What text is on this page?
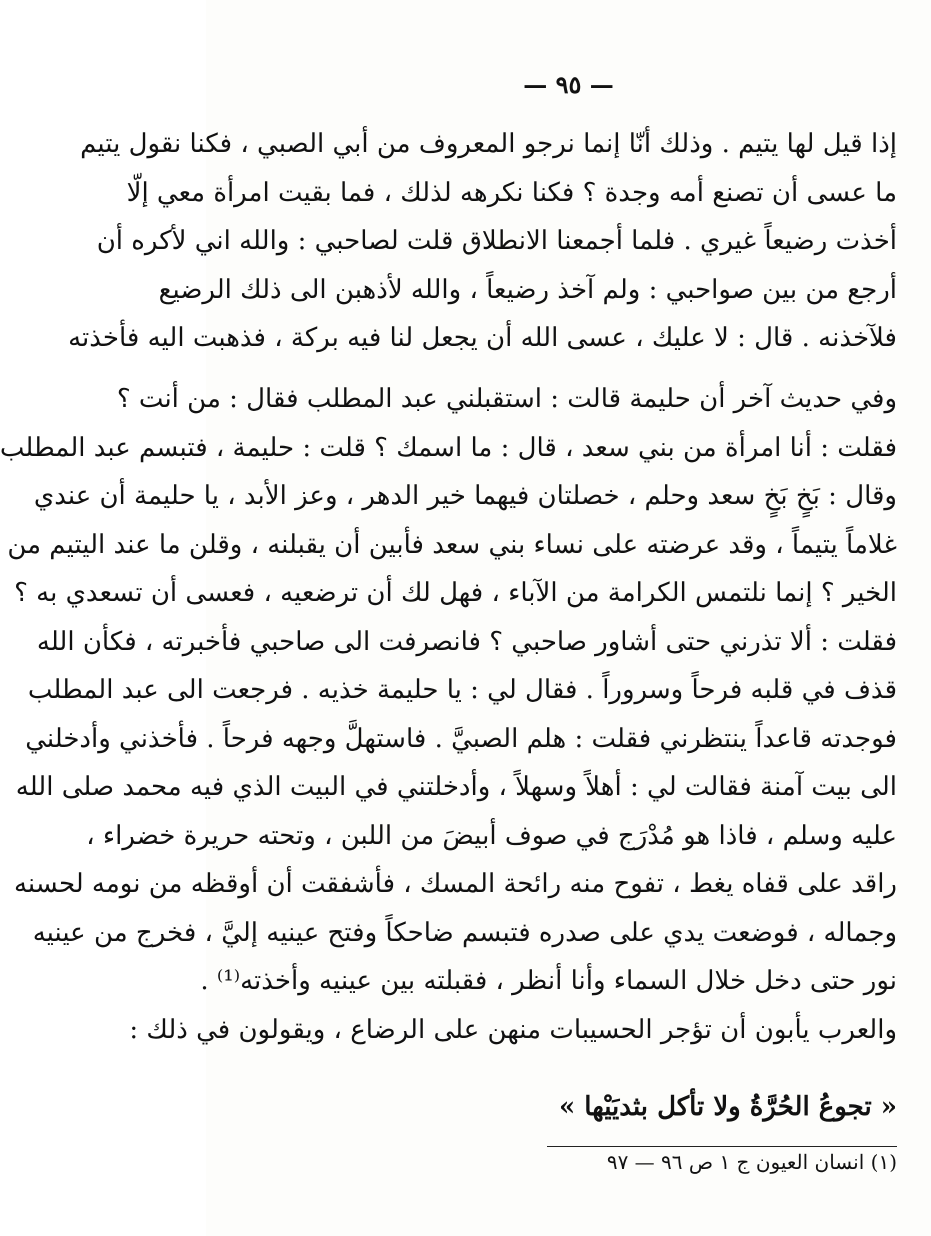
— ٩٥ —
إذا قيل لها يتيم . وذلك أنّا إنما نرجو المعروف من أبي الصبي ، فكنا نقول يتيم
ما عسى أن تصنع أمه وجدة ؟ فكنا نكرهه لذلك ، فما بقيت امرأة معي إلّا
أخذت رضيعاً غيري . فلما أجمعنا الانطلاق قلت لصاحبي : والله اني لأكره أن
أرجع من بين صواحبي : ولم آخذ رضيعاً ، والله لأذهبن الى ذلك الرضيع
فلآخذنه . قال : لا عليك ، عسى الله أن يجعل لنا فيه بركة ، فذهبت اليه فأخذته
وفي حديث آخر أن حليمة قالت : استقبلني عبد المطلب فقال : من أنت ؟
فقلت : أنا امرأة من بني سعد ، قال : ما اسمك ؟ قلت : حليمة ، فتبسم عبد المطلب
وقال : بَخٍ بَخٍ سعد وحلم ، خصلتان فيهما خير الدهر ، وعز الأبد ، يا حليمة أن عندي
غلاماً يتيماً ، وقد عرضته على نساء بني سعد فأبين أن يقبلنه ، وقلن ما عند اليتيم من
الخير ؟ إنما نلتمس الكرامة من الآباء ، فهل لك أن ترضعيه ، فعسى أن تسعدي به ؟
فقلت : ألا تذرني حتى أشاور صاحبي ؟ فانصرفت الى صاحبي فأخبرته ، فكأن الله
قذف في قلبه فرحاً وسروراً . فقال لي : يا حليمة خذيه . فرجعت الى عبد المطلب
فوجدته قاعداً ينتظرني فقلت : هلم الصبيَّ . فاستهلَّ وجهه فرحاً . فأخذني وأدخلني
الى بيت آمنة فقالت لي : أهلاً وسهلاً ، وأدخلتني في البيت الذي فيه محمد صلى الله
عليه وسلم ، فاذا هو مُدْرَج في صوف أبيضَ من اللبن ، وتحته حريرة خضراء ،
راقد على قفاه يغط ، تفوح منه رائحة المسك ، فأشفقت أن أوقظه من نومه لحسنه
وجماله ، فوضعت يدي على صدره فتبسم ضاحكاً وفتح عينيه إليَّ ، فخرج من عينيه
نور حتى دخل خلال السماء وأنا أنظر ، فقبلته بين عينيه وأخذته⁽¹⁾ .
والعرب يأبون أن تؤجر الحسيبات منهن على الرضاع ، ويقولون في ذلك :
« تجوعُ الحُرَّةُ ولا تأكل بثديَيْها »
(١) انسان العيون ج ١ ص ٩٦ — ٩٧
